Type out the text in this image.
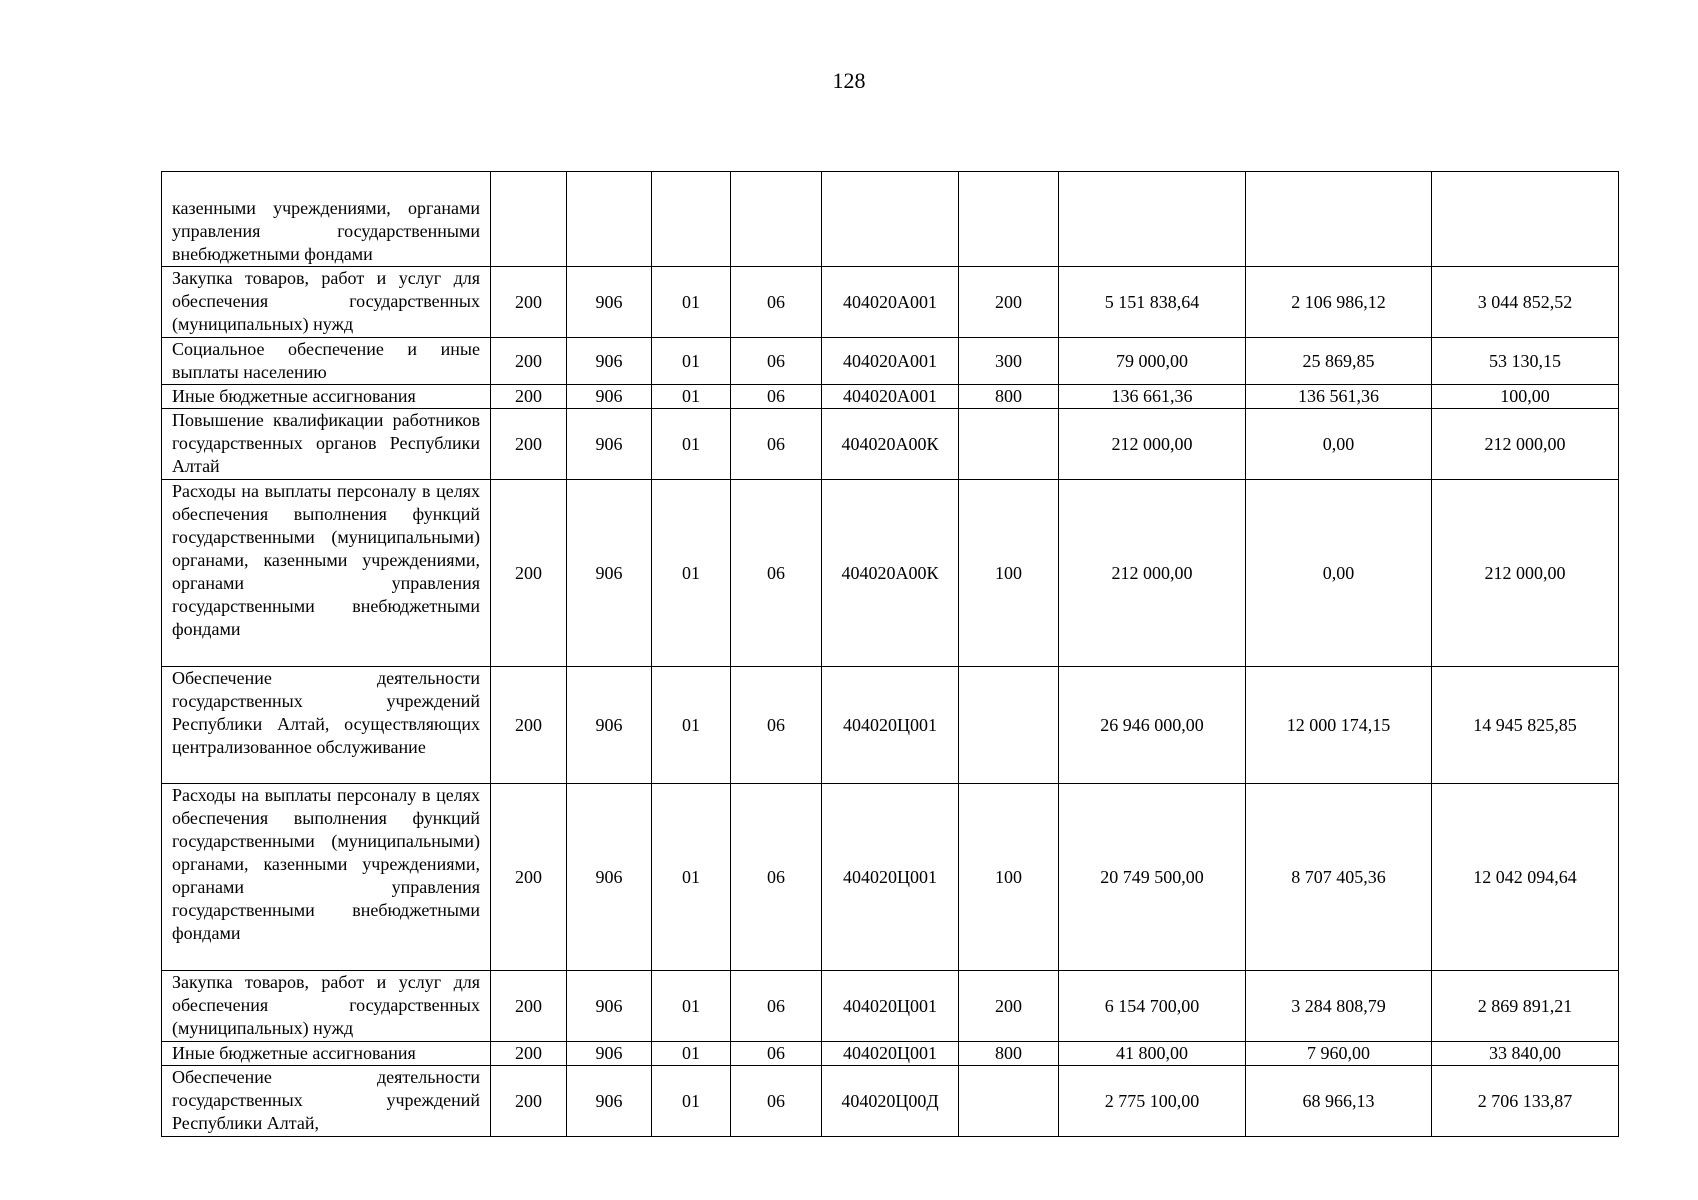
128
казенными учреждениями, органами управления государственными внебюджетными фондами									
Закупка товаров, работ и услуг для обеспечения государственных (муниципальных) нужд	200	906	01	06	404020А001	200	5 151 838,64	2 106 986,12	3 044 852,52
Социальное обеспечение и иные выплаты населению	200	906	01	06	404020А001	300	79 000,00	25 869,85	53 130,15
Иные бюджетные ассигнования	200	906	01	06	404020А001	800	136 661,36	136 561,36	100,00
Повышение квалификации работников государственных органов Республики Алтай	200	906	01	06	404020А00К		212 000,00	0,00	212 000,00
Расходы на выплаты персоналу в целях обеспечения выполнения функций государственными (муниципальными) органами, казенными учреждениями, органами управления государственными внебюджетными фондами	200	906	01	06	404020А00К	100	212 000,00	0,00	212 000,00
Обеспечение деятельности государственных учреждений Республики Алтай, осуществляющих централизованное обслуживание	200	906	01	06	404020Ц001		26 946 000,00	12 000 174,15	14 945 825,85
Расходы на выплаты персоналу в целях обеспечения выполнения функций государственными (муниципальными) органами, казенными учреждениями, органами управления государственными внебюджетными фондами	200	906	01	06	404020Ц001	100	20 749 500,00	8 707 405,36	12 042 094,64
Закупка товаров, работ и услуг для обеспечения государственных (муниципальных) нужд	200	906	01	06	404020Ц001	200	6 154 700,00	3 284 808,79	2 869 891,21
Иные бюджетные ассигнования	200	906	01	06	404020Ц001	800	41 800,00	7 960,00	33 840,00
Обеспечение деятельности государственных учреждений Республики Алтай,	200	906	01	06	404020Ц00Д		2 775 100,00	68 966,13	2 706 133,87
